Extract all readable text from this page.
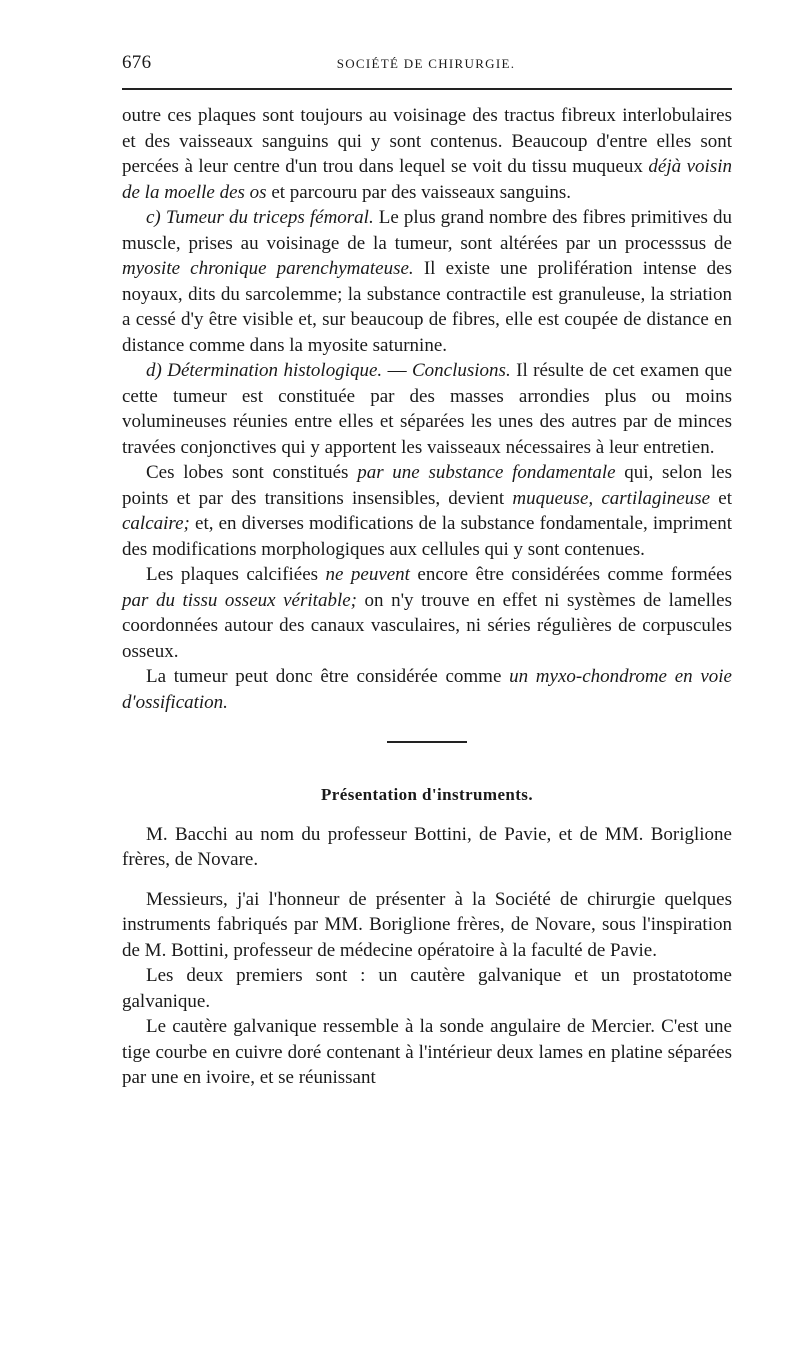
676	SOCIÉTÉ DE CHIRURGIE.

outre ces plaques sont toujours au voisinage des tractus fibreux interlobulaires et des vaisseaux sanguins qui y sont contenus. Beaucoup d'entre elles sont percées à leur centre d'un trou dans lequel se voit du tissu muqueux déjà voisin de la moelle des os et parcouru par des vaisseaux sanguins.

c) Tumeur du triceps fémoral. Le plus grand nombre des fibres primitives du muscle, prises au voisinage de la tumeur, sont altérées par un processsus de myosite chronique parenchymateuse. Il existe une prolifération intense des noyaux, dits du sarcolemme; la substance contractile est granuleuse, la striation a cessé d'y être visible et, sur beaucoup de fibres, elle est coupée de distance en distance comme dans la myosite saturnine.

d) Détermination histologique. — Conclusions. Il résulte de cet examen que cette tumeur est constituée par des masses arrondies plus ou moins volumineuses réunies entre elles et séparées les unes des autres par de minces travées conjonctives qui y apportent les vaisseaux nécessaires à leur entretien.

Ces lobes sont constitués par une substance fondamentale qui, selon les points et par des transitions insensibles, devient muqueuse, cartilagineuse et calcaire; et, en diverses modifications de la substance fondamentale, impriment des modifications morphologiques aux cellules qui y sont contenues.

Les plaques calcifiées ne peuvent encore être considérées comme formées par du tissu osseux véritable; on n'y trouve en effet ni systèmes de lamelles coordonnées autour des canaux vasculaires, ni séries régulières de corpuscules osseux.

La tumeur peut donc être considérée comme un myxo-chondrome en voie d'ossification.

Présentation d'instruments.

M. Bacchi au nom du professeur Bottini, de Pavie, et de MM. Boriglione frères, de Novare.

Messieurs, j'ai l'honneur de présenter à la Société de chirurgie quelques instruments fabriqués par MM. Boriglione frères, de Novare, sous l'inspiration de M. Bottini, professeur de médecine opératoire à la faculté de Pavie.

Les deux premiers sont : un cautère galvanique et un prostatotome galvanique.

Le cautère galvanique ressemble à la sonde angulaire de Mercier. C'est une tige courbe en cuivre doré contenant à l'intérieur deux lames en platine séparées par une en ivoire, et se réunissant
